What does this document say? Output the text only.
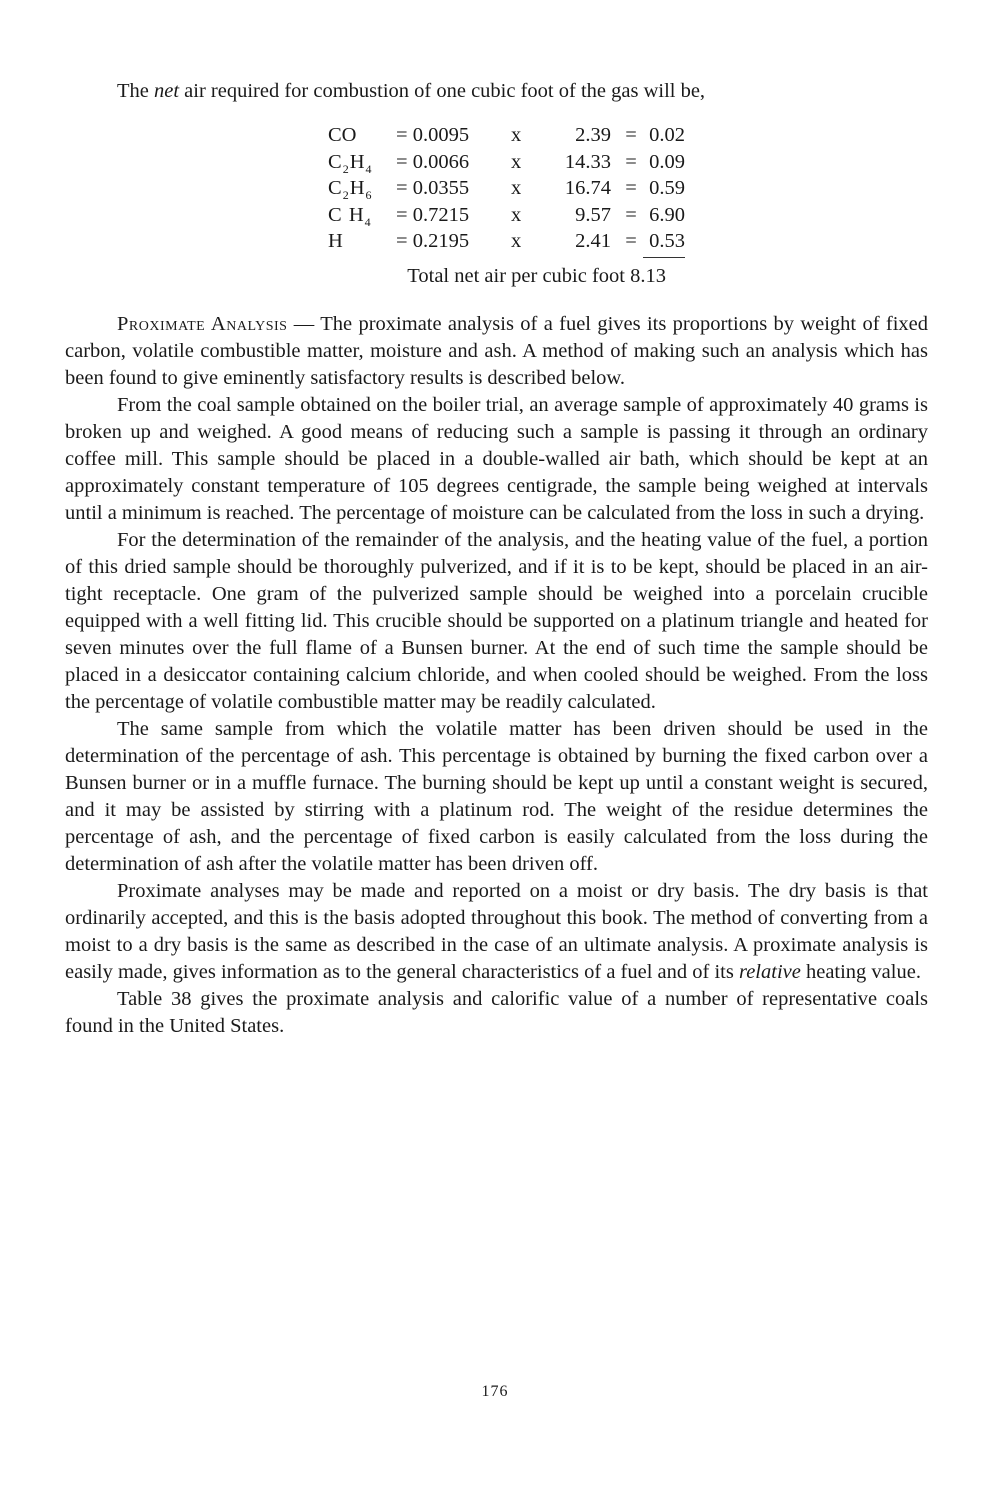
The net air required for combustion of one cubic foot of the gas will be,
CO	= 0.0095	x	2.39	=	0.02
$C_2H_4$	= 0.0066	x	14.33	=	0.09
$C_2H_6$	= 0.0355	x	16.74	=	0.59
C $H_4$	= 0.7215	x	9.57	=	6.90
H	= 0.2195	x	2.41	=	0.53
Total net air per cubic foot 8.13

Proximate Analysis — The proximate analysis of a fuel gives its proportions by weight of fixed carbon, volatile combustible matter, moisture and ash. A method of making such an analysis which has been found to give eminently satisfactory results is described below.

From the coal sample obtained on the boiler trial, an average sample of approximately 40 grams is broken up and weighed. A good means of reducing such a sample is passing it through an ordinary coffee mill. This sample should be placed in a double-walled air bath, which should be kept at an approximately constant temperature of 105 degrees centigrade, the sample being weighed at intervals until a minimum is reached. The percentage of moisture can be calculated from the loss in such a drying.

For the determination of the remainder of the analysis, and the heating value of the fuel, a portion of this dried sample should be thoroughly pulverized, and if it is to be kept, should be placed in an air-tight receptacle. One gram of the pulverized sample should be weighed into a porcelain crucible equipped with a well fitting lid. This crucible should be supported on a platinum triangle and heated for seven minutes over the full flame of a Bunsen burner. At the end of such time the sample should be placed in a desiccator containing calcium chloride, and when cooled should be weighed. From the loss the percentage of volatile combustible matter may be readily calculated.

The same sample from which the volatile matter has been driven should be used in the determination of the percentage of ash. This percentage is obtained by burning the fixed carbon over a Bunsen burner or in a muffle furnace. The burning should be kept up until a constant weight is secured, and it may be assisted by stirring with a platinum rod. The weight of the residue determines the percentage of ash, and the percentage of fixed carbon is easily calculated from the loss during the determination of ash after the volatile matter has been driven off.

Proximate analyses may be made and reported on a moist or dry basis. The dry basis is that ordinarily accepted, and this is the basis adopted throughout this book. The method of converting from a moist to a dry basis is the same as described in the case of an ultimate analysis. A proximate analysis is easily made, gives information as to the general characteristics of a fuel and of its relative heating value.

Table 38 gives the proximate analysis and calorific value of a number of representative coals found in the United States.

176
